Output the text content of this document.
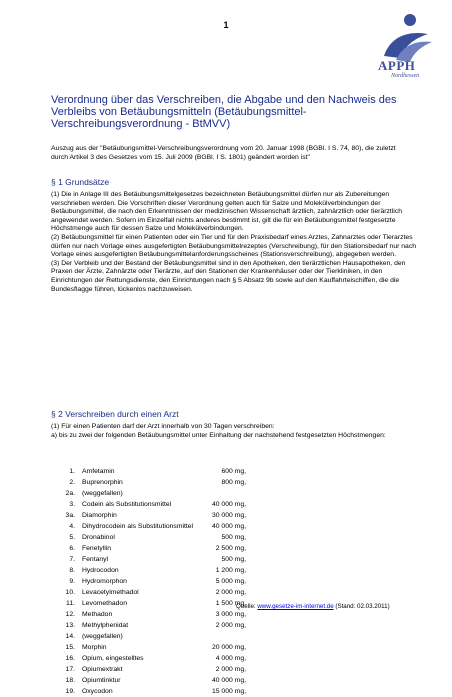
1
APPH
Nordhessen
Verordnung über das Verschreiben, die Abgabe und den Nachweis des Verbleibs von Betäubungsmitteln (Betäubungsmittel-Verschreibungsverordnung - BtMVV)

Auszug aus der "Betäubungsmittel-Verschreibungsverordnung vom 20. Januar 1998 (BGBl. I S. 74, 80), die zuletzt durch Artikel 3 des Gesetzes vom 15. Juli 2009 (BGBl. I S. 1801) geändert worden ist"

§ 1 Grundsätze

(1) Die in Anlage III des Betäubungsmittelgesetzes bezeichneten Betäubungsmittel dürfen nur als Zubereitungen verschrieben werden. Die Vorschriften dieser Verordnung gelten auch für Salze und Molekülverbindungen der Betäubungsmittel, die nach den Erkenntnissen der medizinischen Wissenschaft ärztlich, zahnärztlich oder tierärztlich angewendet werden. Sofern im Einzelfall nichts anderes bestimmt ist, gilt die für ein Betäubungsmittel festgesetzte Höchstmenge auch für dessen Salze und Molekülverbindungen.

(2) Betäubungsmittel für einen Patienten oder ein Tier und für den Praxisbedarf eines Arztes, Zahnarztes oder Tierarztes dürfen nur nach Vorlage eines ausgefertigten Betäubungsmittelrezeptes (Verschreibung), für den Stationsbedarf nur nach Vorlage eines ausgefertigten Betäubungsmittelanforderungsscheines (Stationsverschreibung), abgegeben werden.

(3) Der Verbleib und der Bestand der Betäubungsmittel sind in den Apotheken, den tierärztlichen Hausapotheken, den Praxen der Ärzte, Zahnärzte oder Tierärzte, auf den Stationen der Krankenhäuser oder der Tierkliniken, in den Einrichtungen der Rettungsdienste, den Einrichtungen nach § 5 Absatz 9b sowie auf den Kauffahrteischiffen, die die Bundesflagge führen, lückenlos nachzuweisen.

§ 2 Verschreiben durch einen Arzt

(1) Für einen Patienten darf der Arzt innerhalb von 30 Tagen verschreiben:

a) bis zu zwei der folgenden Betäubungsmittel unter Einhaltung der nachstehend festgesetzten Höchstmengen:

1. Amfetamin	600 mg,
2. Buprenorphin	800 mg,
2a. (weggefallen)
3. Codein als Substitutionsmittel	40 000 mg,
3a. Diamorphin	30 000 mg,
4. Dihydrocodein als Substitutionsmittel	40 000 mg,
5. Dronabinol	500 mg,
6. Fenetyllin	2 500 mg,
7. Fentanyl	500 mg,
8. Hydrocodon	1 200 mg,
9. Hydromorphon	5 000 mg,
10. Levacetylmethadol	2 000 mg,
11. Levomethadon	1 500 mg,
12. Methadon	3 000 mg,
13. Methylphenidat	2 000 mg,
14. (weggefallen)
15. Morphin	20 000 mg,
16. Opium, eingestelltes	4 000 mg,
17. Opiumextrakt	2 000 mg,
18. Opiumtinktur	40 000 mg,
19. Oxycodon	15 000 mg,
Quelle: www.gesetze-im-internet.de (Stand: 02.03.2011)
